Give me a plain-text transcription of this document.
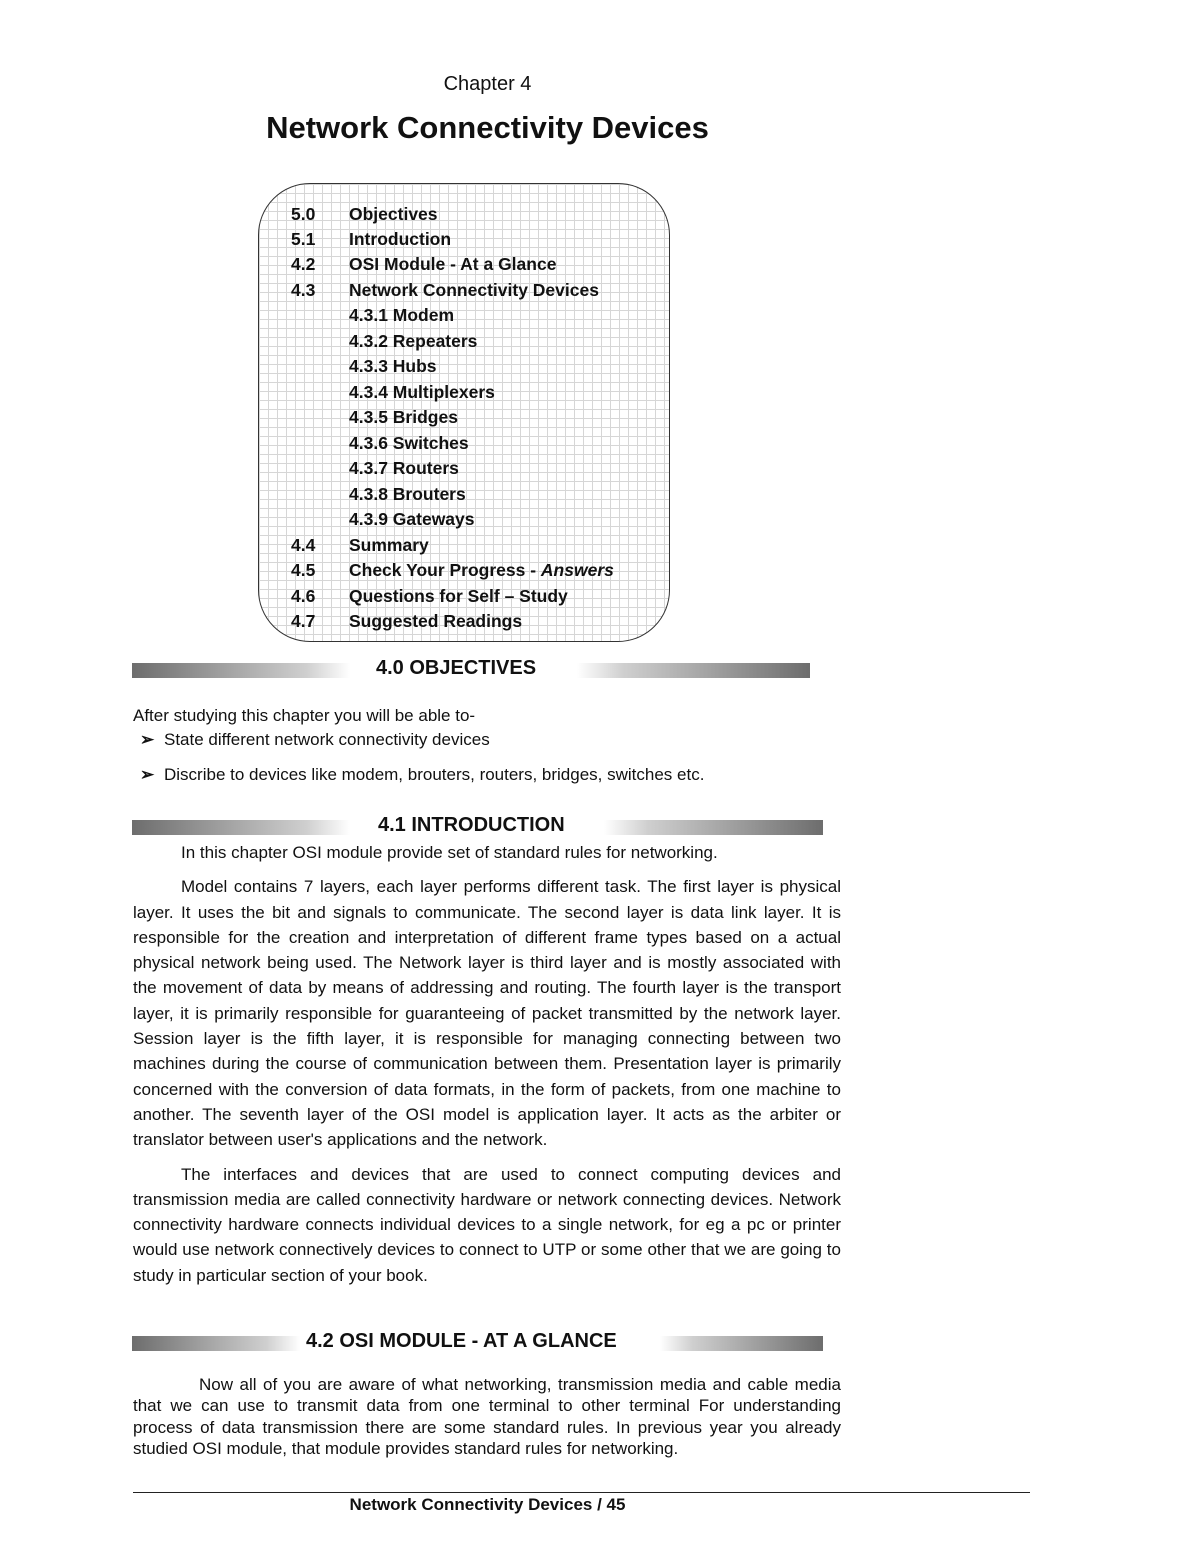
Chapter 4
Network Connectivity Devices
5.0 Objectives
5.1 Introduction
4.2 OSI Module - At a Glance
4.3 Network Connectivity Devices
4.3.1 Modem
4.3.2 Repeaters
4.3.3 Hubs
4.3.4 Multiplexers
4.3.5 Bridges
4.3.6 Switches
4.3.7 Routers
4.3.8 Brouters
4.3.9 Gateways
4.4 Summary
4.5 Check Your Progress - Answers
4.6 Questions for Self – Study
4.7 Suggested Readings
4.0 OBJECTIVES
After studying this chapter you will be able to-
➢ State different network connectivity devices
➢ Discribe to devices like modem, brouters, routers, bridges, switches etc.
4.1 INTRODUCTION

In this chapter OSI module provide set of standard rules for networking.

Model contains 7 layers, each layer performs different task. The first layer is physical layer. It uses the bit and signals to communicate. The second layer is data link layer. It is responsible for the creation and interpretation of different frame types based on a actual physical network being used. The Network layer is third layer and is mostly associated with the movement of data by means of addressing and routing. The fourth layer is the transport layer, it is primarily responsible for guaranteeing of packet transmitted by the network layer. Session layer is the fifth layer, it is responsible for managing connecting between two machines during the course of communication between them. Presentation layer is primarily concerned with the conversion of data formats, in the form of packets, from one machine to another. The seventh layer of the OSI model is application layer. It acts as the arbiter or translator between user's applications and the network.

The interfaces and devices that are used to connect computing devices and transmission media are called connectivity hardware or network connecting devices. Network connectivity hardware connects individual devices to a single network, for eg a pc or printer would use network connectively devices to connect to UTP or some other that we are going to study in particular section of your book.

4.2 OSI MODULE - AT A GLANCE

Now all of you are aware of what networking, transmission media and cable media that we can use to transmit data from one terminal to other terminal For understanding process of data transmission there are some standard rules. In previous year you already studied OSI module, that module provides standard rules for networking.

Network Connectivity Devices / 45
